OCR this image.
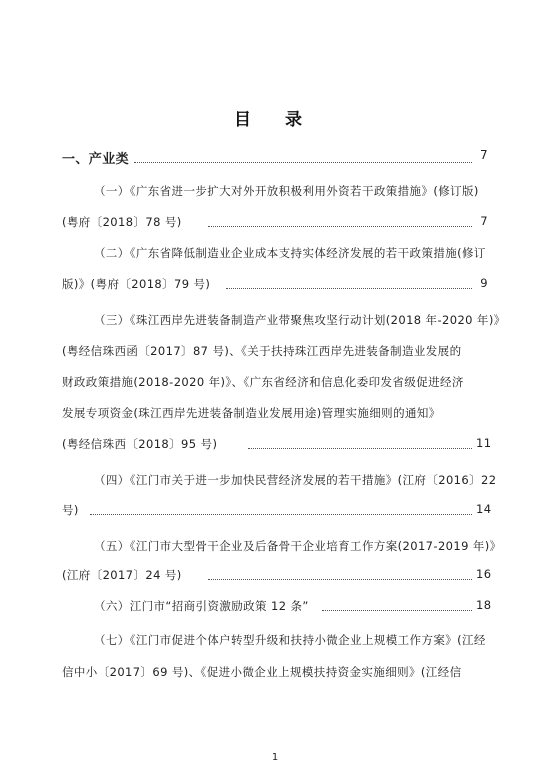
目 录
一、产业类	7
（一）《广东省进一步扩大对外开放积极利用外资若干政策措施》(修订版)
(粤府〔2018〕78 号)	7
（二）《广东省降低制造业企业成本支持实体经济发展的若干政策措施(修订
版)》(粤府〔2018〕79 号)	9
（三）《珠江西岸先进装备制造产业带聚焦攻坚行动计划(2018 年-2020 年)》
(粤经信珠西函〔2017〕87 号)、《关于扶持珠江西岸先进装备制造业发展的
财政政策措施(2018-2020 年)》、《广东省经济和信息化委印发省级促进经济
发展专项资金(珠江西岸先进装备制造业发展用途)管理实施细则的通知》
(粤经信珠西〔2018〕95 号)	11
（四）《江门市关于进一步加快民营经济发展的若干措施》(江府〔2016〕22
号)	14
（五）《江门市大型骨干企业及后备骨干企业培育工作方案(2017-2019 年)》
(江府〔2017〕24 号)	16
（六）江门市“招商引资激励政策 12 条”	18
（七）《江门市促进个体户转型升级和扶持小微企业上规模工作方案》(江经
信中小〔2017〕69 号)、《促进小微企业上规模扶持资金实施细则》(江经信
1
